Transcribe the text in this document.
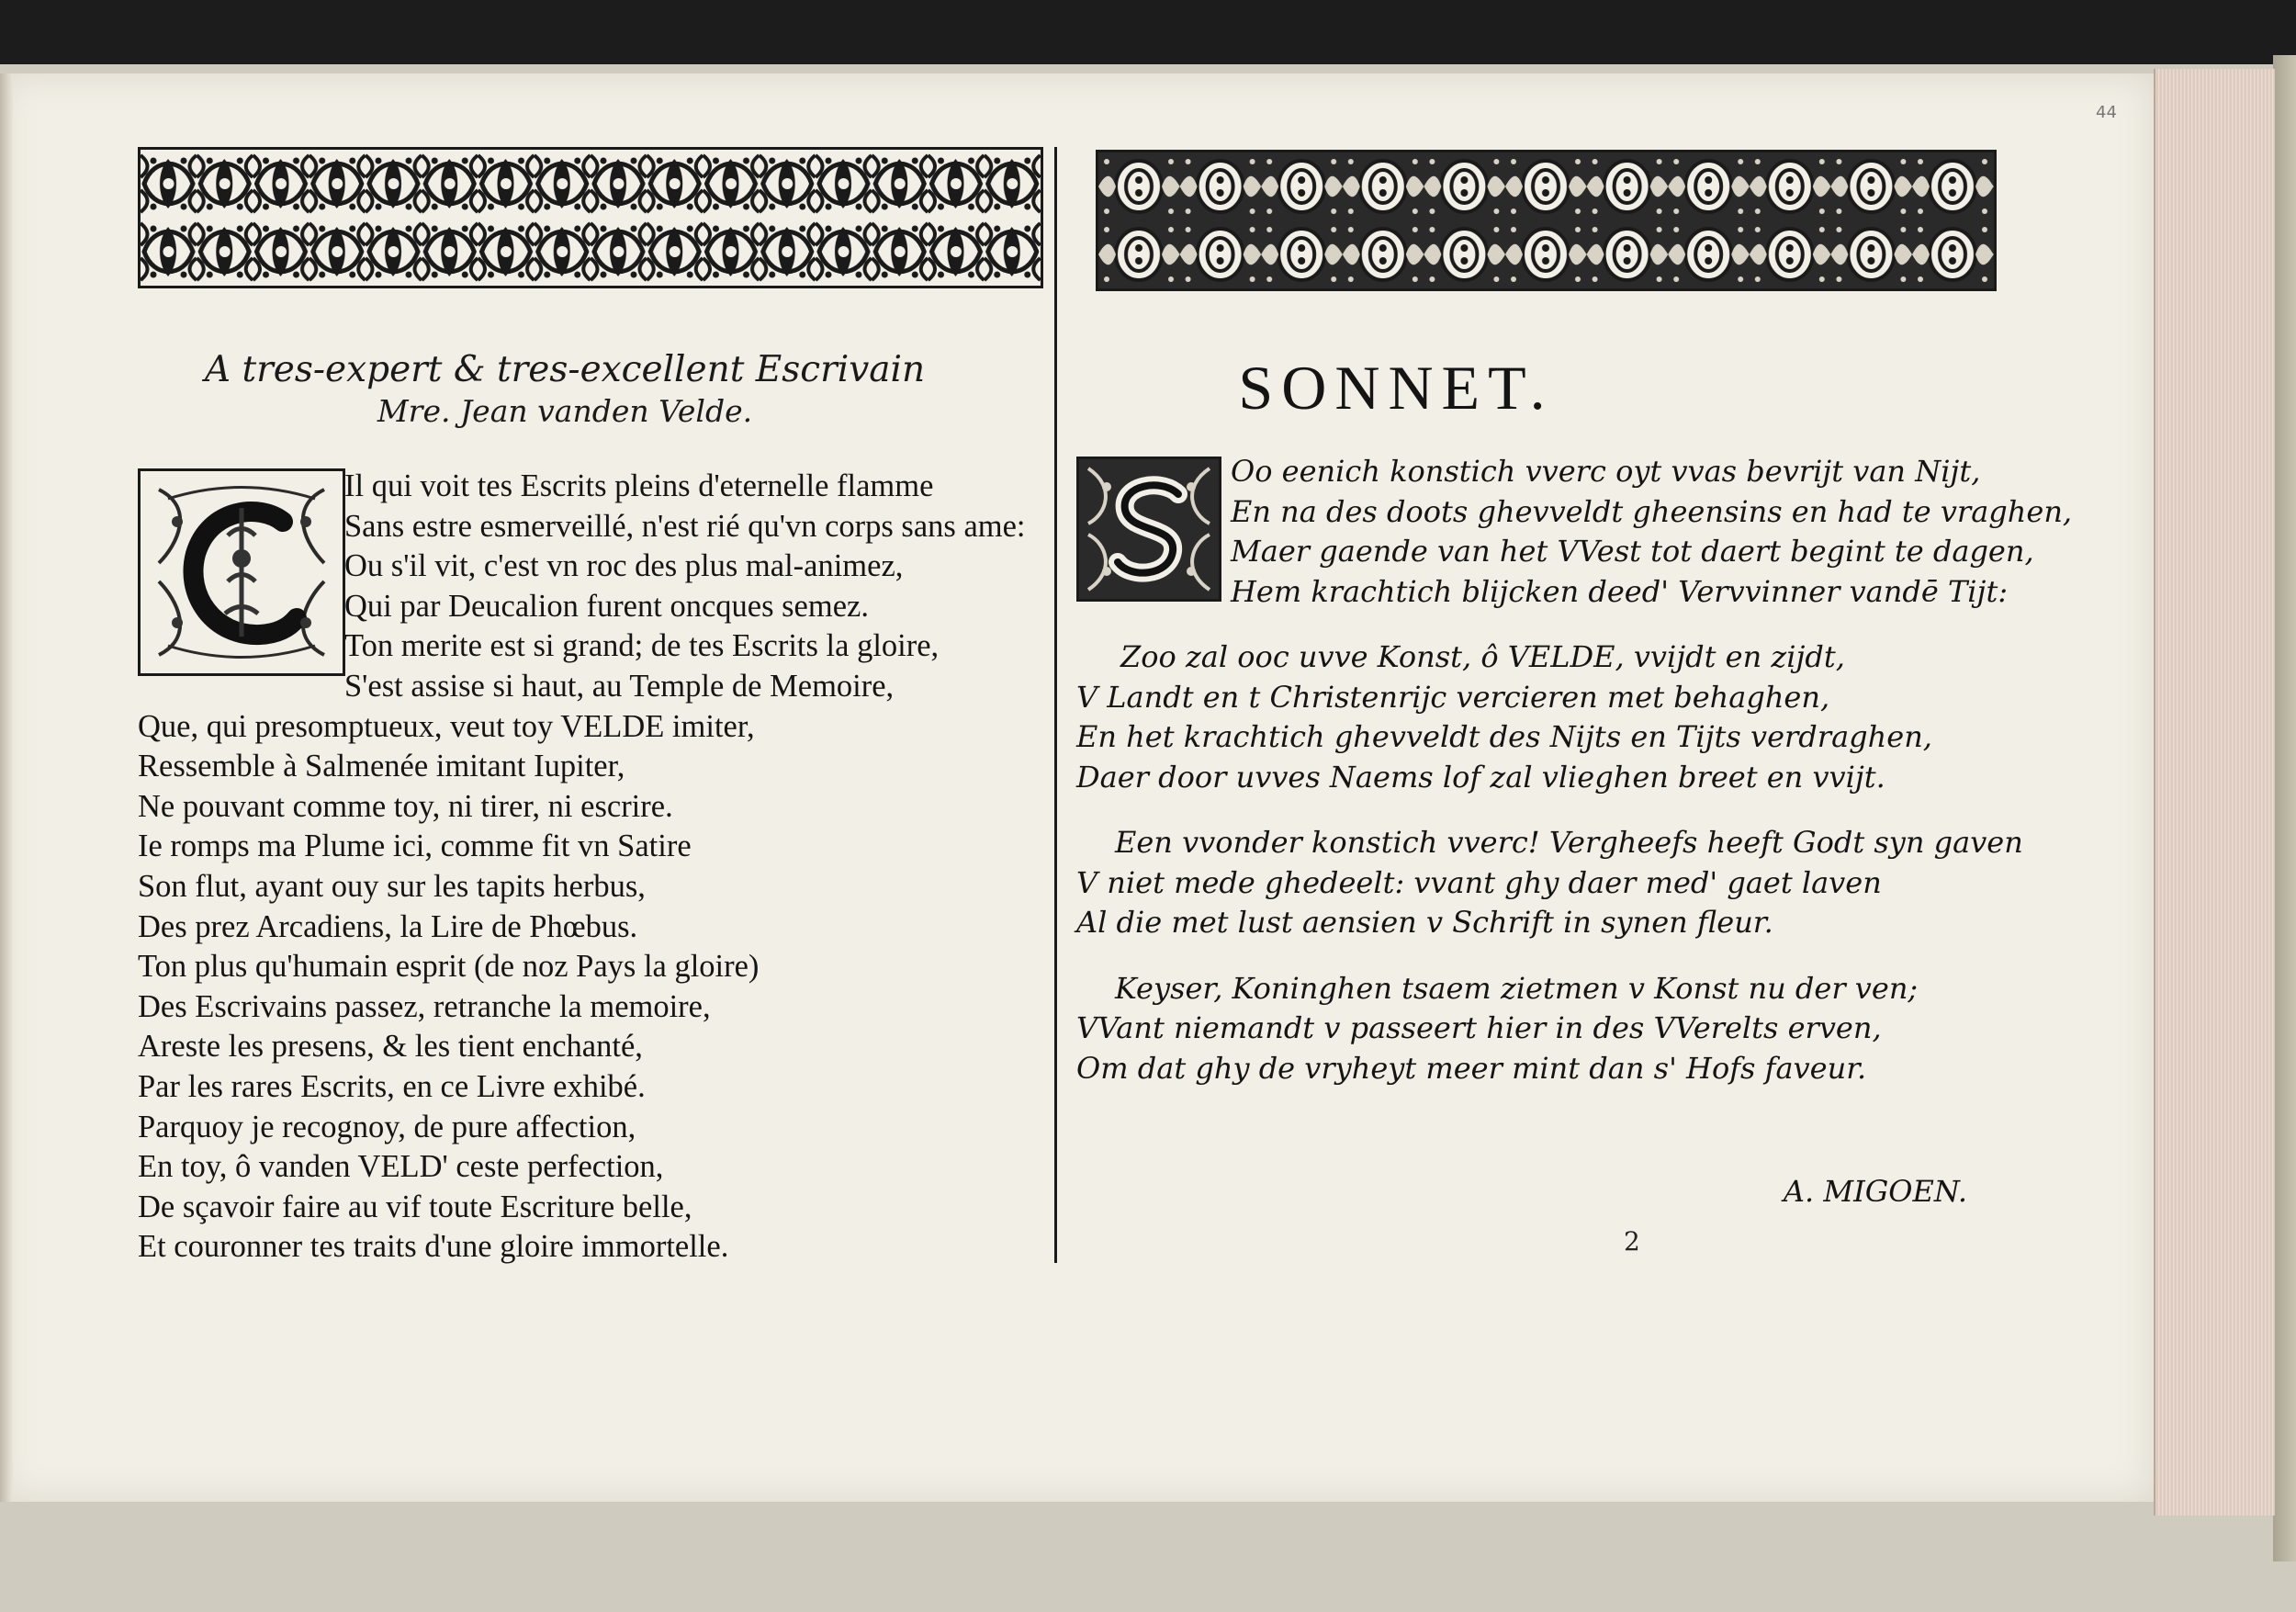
44
A tres-expert & tres-excellent Escrivain
Mre. Jean vanden Velde.
Il qui voit tes Escrits pleins d'eternelle flamme
Sans estre esmerveillé, n'est rié qu'vn corps sans ame:
Ou s'il vit, c'est vn roc des plus mal-animez,
Qui par Deucalion furent oncques semez.
Ton merite est si grand; de tes Escrits la gloire,
S'est assise si haut, au Temple de Memoire,
Que, qui presomptueux, veut toy VELDE imiter,
Ressemble à Salmenée imitant Iupiter,
Ne pouvant comme toy, ni tirer, ni escrire.
Ie romps ma Plume ici, comme fit vn Satire
Son flut, ayant ouy sur les tapits herbus,
Des prez Arcadiens, la Lire de Phœbus.
Ton plus qu'humain esprit (de noz Pays la gloire)
Des Escrivains passez, retranche la memoire,
Areste les presens, & les tient enchanté,
Par les rares Escrits, en ce Livre exhibé.
Parquoy je recognoy, de pure affection,
En toy, ô vanden VELD' ceste perfection,
De sçavoir faire au vif toute Escriture belle,
Et couronner tes traits d'une gloire immortelle.
SONNET.
Oo eenich konstich vverc oyt vvas bevrijt van Nijt,
En na des doots ghevveldt gheensins en had te vraghen,
Maer gaende van het VVest tot daert begint te dagen,
Hem krachtich blijcken deed' Vervvinner vandē Tijt:
Zoo zal ooc uvve Konst, ô VELDE, vvijdt en zijdt,
V Landt en t Christenrijc vercieren met behaghen,
En het krachtich ghevveldt des Nijts en Tijts verdraghen,
Daer door uvves Naems lof zal vlieghen breet en vvijt.
Een vvonder konstich vverc! Vergheefs heeft Godt syn gaven
V niet mede ghedeelt: vvant ghy daer med' gaet laven
Al die met lust aensien v Schrift in synen fleur.
Keyser, Koninghen tsaem zietmen v Konst nu der ven;
VVant niemandt v passeert hier in des VVerelts erven,
Om dat ghy de vryheyt meer mint dan s' Hofs faveur.
A. MIGOEN.
2
